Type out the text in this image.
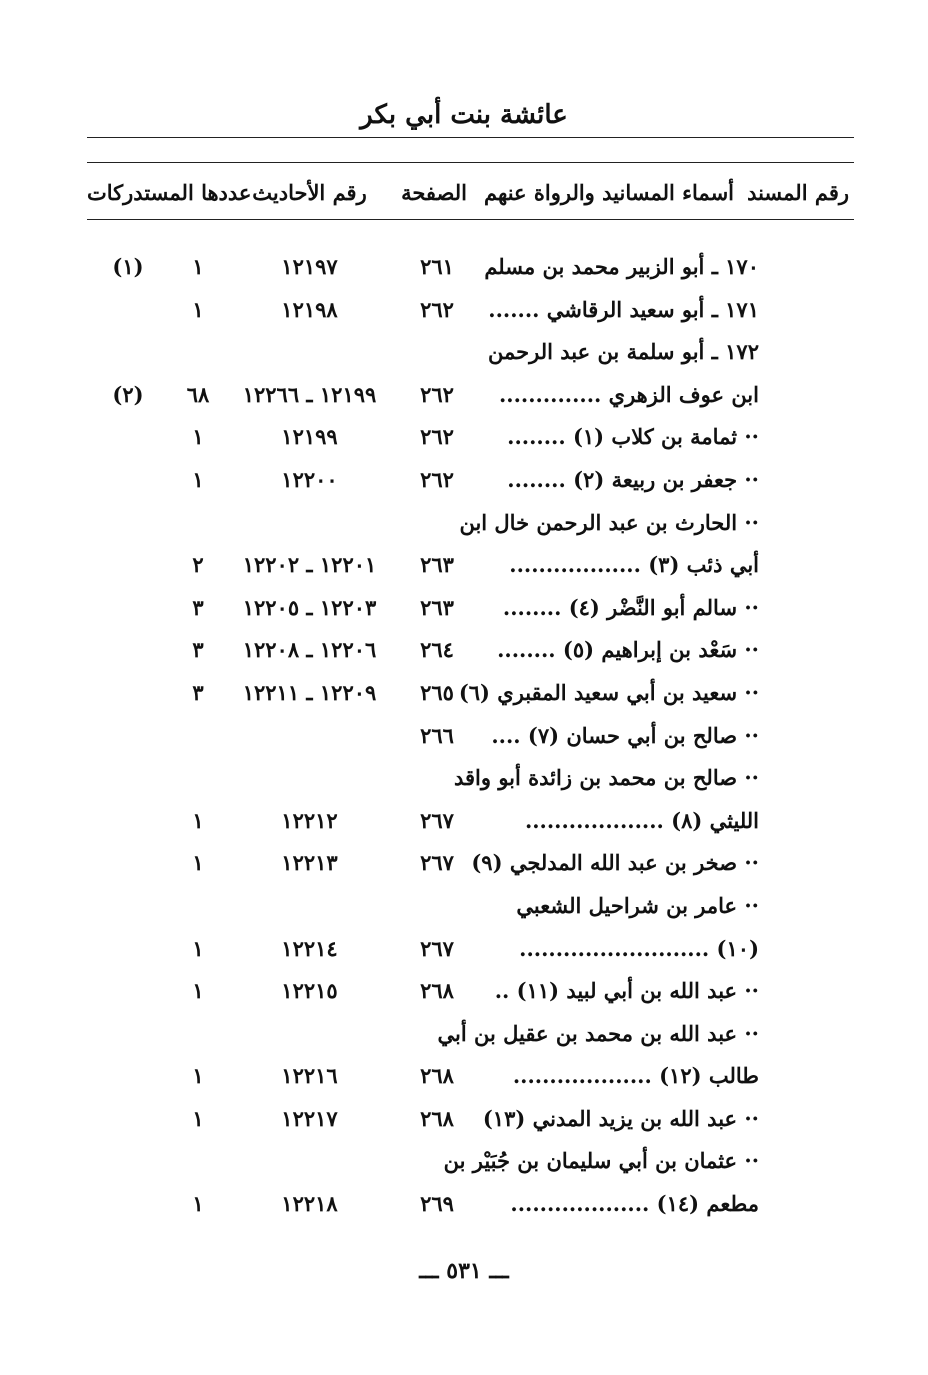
عائشة بنت أبي بكر
رقم المسند
أسماء المسانيد والرواة عنهم
الصفحة
رقم الأحاديث
عددها المستدركات
١٧٠ ـ أبو الزبير محمد بن مسلم
٢٦١
١٢١٩٧
١
(١)
١٧١ ـ أبو سعيد الرقاشي .......
٢٦٢
١٢١٩٨
١
١٧٢ ـ أبو سلمة بن عبد الرحمن
ابن عوف الزهري ..............
٢٦٢
١٢١٩٩ ـ ١٢٢٦٦
٦٨
(٢)
·· ثمامة بن كلاب (١) ........
٢٦٢
١٢١٩٩
١
·· جعفر بن ربيعة (٢) ........
٢٦٢
١٢٢٠٠
١
·· الحارث بن عبد الرحمن خال ابن
أبي ذئب (٣) ..................
٢٦٣
١٢٢٠١ ـ ١٢٢٠٢
٢
·· سالم أبو النَّضْر (٤) ........
٢٦٣
١٢٢٠٣ ـ ١٢٢٠٥
٣
·· سَعْد بن إبراهيم (٥) ........
٢٦٤
١٢٢٠٦ ـ ١٢٢٠٨
٣
·· سعيد بن أبي سعيد المقبري (٦)
٢٦٥
١٢٢٠٩ ـ ١٢٢١١
٣
·· صالح بن أبي حسان (٧) ....
٢٦٦
·· صالح بن محمد بن زائدة أبو واقد
الليثي (٨) ...................
٢٦٧
١٢٢١٢
١
·· صخر بن عبد الله المدلجي (٩)
٢٦٧
١٢٢١٣
١
·· عامر بن شراحيل الشعبي
(١٠) ..........................
٢٦٧
١٢٢١٤
١
·· عبد الله بن أبي لبيد (١١) ..
٢٦٨
١٢٢١٥
١
·· عبد الله بن محمد بن عقيل بن أبي
طالب (١٢) ...................
٢٦٨
١٢٢١٦
١
·· عبد الله بن يزيد المدني (١٣)
٢٦٨
١٢٢١٧
١
·· عثمان بن أبي سليمان بن جُبَيْر بن
مطعم (١٤) ...................
٢٦٩
١٢٢١٨
١
ـــ ٥٣١ ـــ
